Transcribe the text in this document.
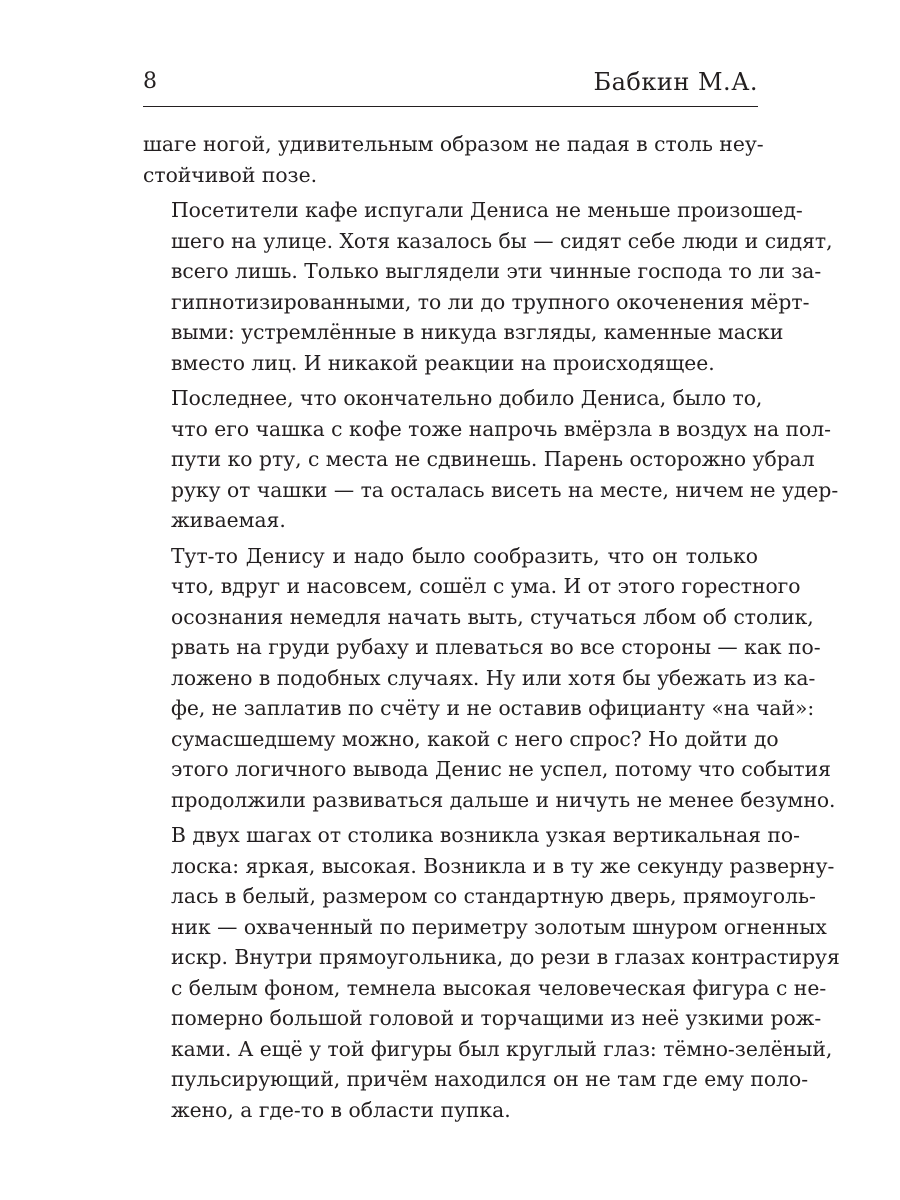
8	Бабкин М.А.

шаге ногой, удивительным образом не падая в столь неу-
стойчивой позе.

Посетители кафе испугали Дениса не меньше произошед-
шего на улице. Хотя казалось бы — сидят себе люди и сидят,
всего лишь. Только выглядели эти чинные господа то ли за-
гипнотизированными, то ли до трупного окоченения мёрт-
выми: устремлённые в никуда взгляды, каменные маски
вместо лиц. И никакой реакции на происходящее.

Последнее, что окончательно добило Дениса, было то,
что его чашка с кофе тоже напрочь вмёрзла в воздух на пол-
пути ко рту, с места не сдвинешь. Парень осторожно убрал
руку от чашки — та осталась висеть на месте, ничем не удер-
живаемая.

Тут-то Денису и надо было сообразить, что он только
что, вдруг и насовсем, сошёл с ума. И от этого горестного
осознания немедля начать выть, стучаться лбом об столик,
рвать на груди рубаху и плеваться во все стороны — как по-
ложено в подобных случаях. Ну или хотя бы убежать из ка-
фе, не заплатив по счёту и не оставив официанту «на чай»:
сумасшедшему можно, какой с него спрос? Но дойти до
этого логичного вывода Денис не успел, потому что события
продолжили развиваться дальше и ничуть не менее безумно.

В двух шагах от столика возникла узкая вертикальная по-
лоска: яркая, высокая. Возникла и в ту же секунду разверну-
лась в белый, размером со стандартную дверь, прямоуголь-
ник — охваченный по периметру золотым шнуром огненных
искр. Внутри прямоугольника, до рези в глазах контрастируя
с белым фоном, темнела высокая человеческая фигура с не-
померно большой головой и торчащими из неё узкими рож-
ками. А ещё у той фигуры был круглый глаз: тёмно-зелёный,
пульсирующий, причём находился он не там где ему поло-
жено, а где-то в области пупка.
